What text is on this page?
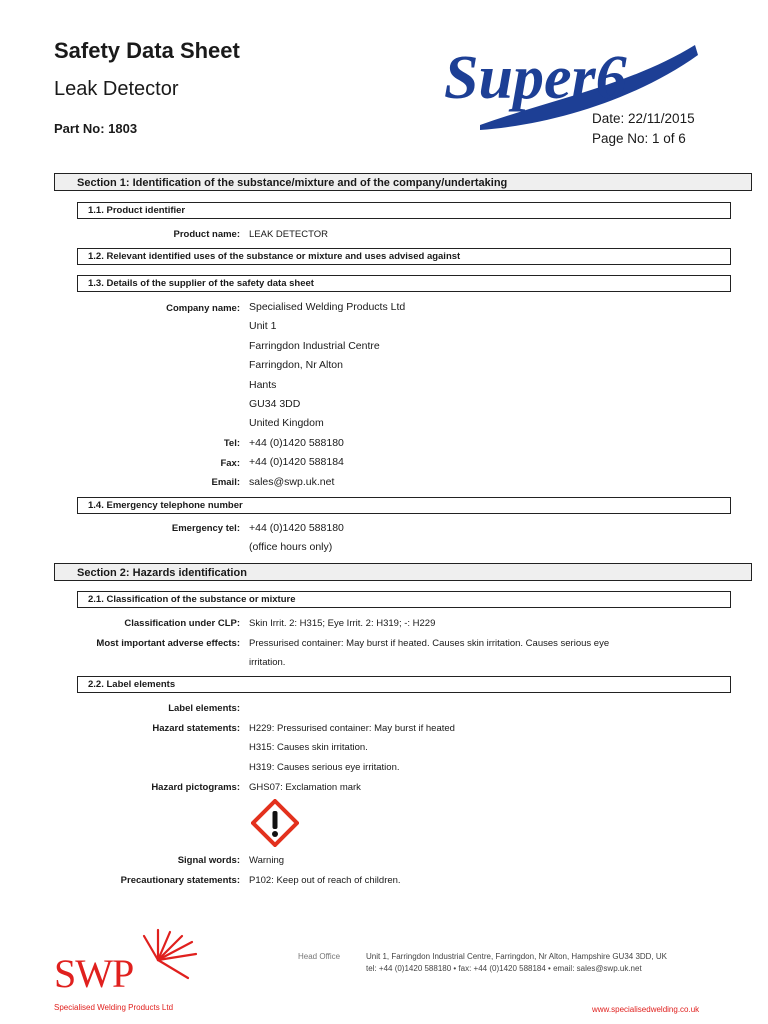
Safety Data Sheet
Leak Detector
Part No: 1803
Date: 22/11/2015
Page No: 1 of 6
Super6
Section 1: Identification of the substance/mixture and of the company/undertaking
1.1. Product identifier
Product name: LEAK DETECTOR
1.2. Relevant identified uses of the substance or mixture and uses advised against
1.3. Details of the supplier of the safety data sheet
Company name: Specialised Welding Products Ltd
Unit 1
Farringdon Industrial Centre
Farringdon, Nr Alton
Hants
GU34 3DD
United Kingdom
Tel: +44 (0)1420 588180
Fax: +44 (0)1420 588184
Email: sales@swp.uk.net
1.4. Emergency telephone number
Emergency tel: +44 (0)1420 588180
(office hours only)
Section 2: Hazards identification
2.1. Classification of the substance or mixture
Classification under CLP: Skin Irrit. 2: H315; Eye Irrit. 2: H319; -: H229
Most important adverse effects: Pressurised container: May burst if heated. Causes skin irritation. Causes serious eye
irritation.
2.2. Label elements
Label elements:
Hazard statements: H229: Pressurised container: May burst if heated
H315: Causes skin irritation.
H319: Causes serious eye irritation.
Hazard pictograms: GHS07: Exclamation mark
Signal words: Warning
Precautionary statements: P102: Keep out of reach of children.
SWP
Specialised Welding Products Ltd
Head Office	Unit 1, Farringdon Industrial Centre, Farringdon, Nr Alton, Hampshire GU34 3DD, UK
tel: +44 (0)1420 588180 • fax: +44 (0)1420 588184 • email: sales@swp.uk.net
www.specialisedwelding.co.uk
